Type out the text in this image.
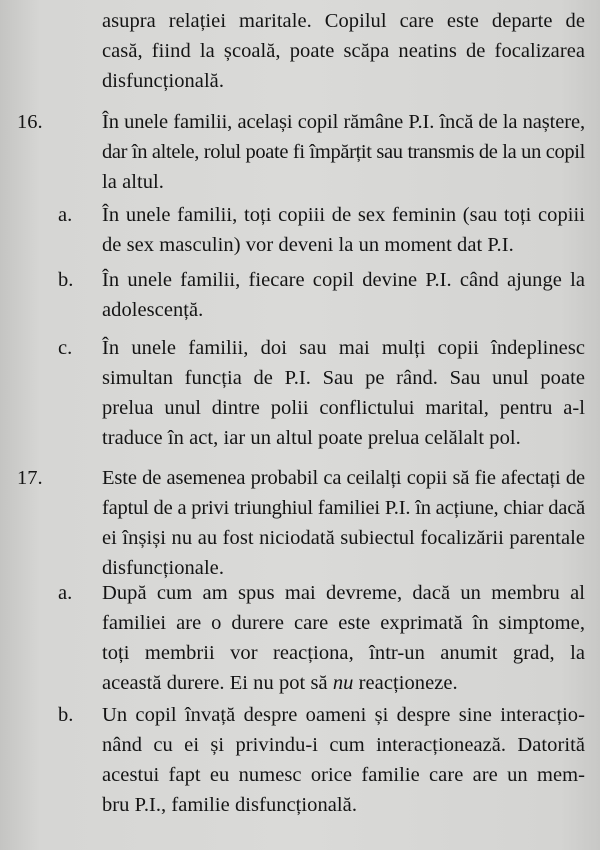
asupra relației maritale. Copilul care este departe de
casă, fiind la școală, poate scăpa neatins de focalizarea
disfuncțională.
16.	În unele familii, același copil rămâne P.I. încă de la naștere,
dar în altele, rolul poate fi împărțit sau transmis de la un copil
la altul.
a. În unele familii, toți copiii de sex feminin (sau toți copiii
de sex masculin) vor deveni la un moment dat P.I.
b. În unele familii, fiecare copil devine P.I. când ajunge la
adolescență.
c. În unele familii, doi sau mai mulți copii îndeplinesc
simultan funcția de P.I. Sau pe rând. Sau unul poate
prelua unul dintre polii conflictului marital, pentru a-l
traduce în act, iar un altul poate prelua celălalt pol.
17.	Este de asemenea probabil ca ceilalți copii să fie afectați de
faptul de a privi triunghiul familiei P.I. în acțiune, chiar dacă
ei înșiși nu au fost niciodată subiectul focalizării parentale
disfuncționale.
a. După cum am spus mai devreme, dacă un membru al
familiei are o durere care este exprimată în simptome,
toți membrii vor reacționa, într-un anumit grad, la
această durere. Ei nu pot să nu reacționeze.
b. Un copil învață despre oameni și despre sine interacțio-
nând cu ei și privindu-i cum interacționează. Datorită
acestui fapt eu numesc orice familie care are un mem-
bru P.I., familie disfuncțională.
